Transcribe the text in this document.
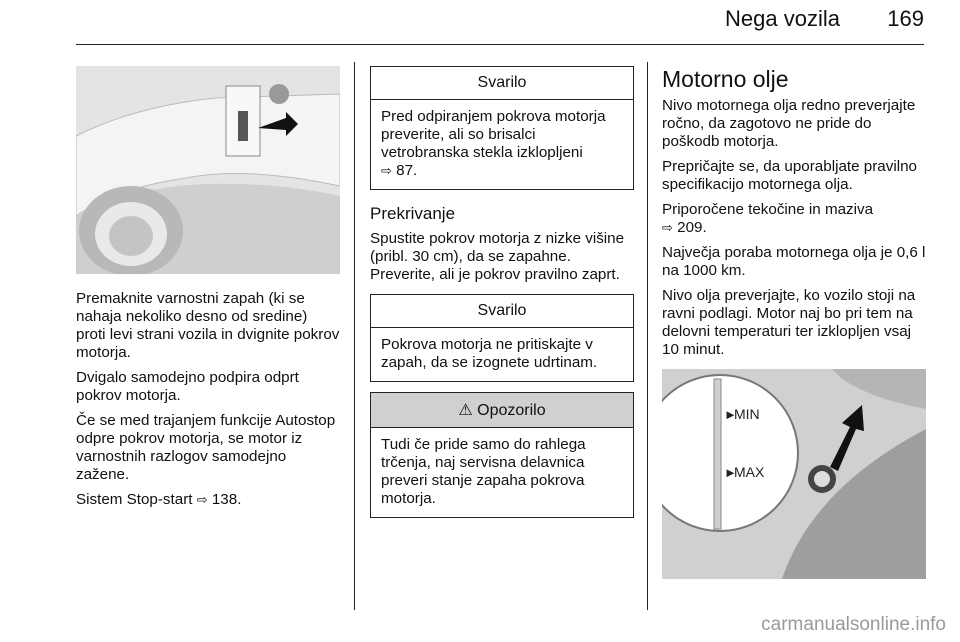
Nega vozila 169

Premaknite varnostni zapah (ki se nahaja nekoliko desno od sredine) proti levi strani vozila in dvignite pokrov motorja.

Dvigalo samodejno podpira odprt pokrov motorja.

Če se med trajanjem funkcije Autostop odpre pokrov motorja, se motor iz varnostnih razlogov samodejno zažene.

Sistem Stop-start ⇨ 138.

Svarilo
Pred odpiranjem pokrova motorja preverite, ali so brisalci vetrobranska stekla izklopljeni
⇨ 87.
Prekrivanje

Spustite pokrov motorja z nizke višine (pribl. 30 cm), da se zapahne.

Preverite, ali je pokrov pravilno zaprt.

Svarilo
Pokrova motorja ne pritiskajte v zapah, da se izognete udrtinam.
⚠ Opozorilo
Tudi če pride samo do rahlega trčenja, naj servisna delavnica preveri stanje zapaha pokrova motorja.
Motorno olje

Nivo motornega olja redno preverjajte ročno, da zagotovo ne pride do poškodb motorja.

Prepričajte se, da uporabljate pravilno specifikacijo motornega olja.

Priporočene tekočine in maziva
⇨ 209.

Največja poraba motornega olja je 0,6 l na 1000 km.

Nivo olja preverjajte, ko vozilo stoji na ravni podlagi. Motor naj bo pri tem na delovni temperaturi ter izklopljen vsaj 10 minut.

►
MIN
►
MAX
carmanualsonline.info
